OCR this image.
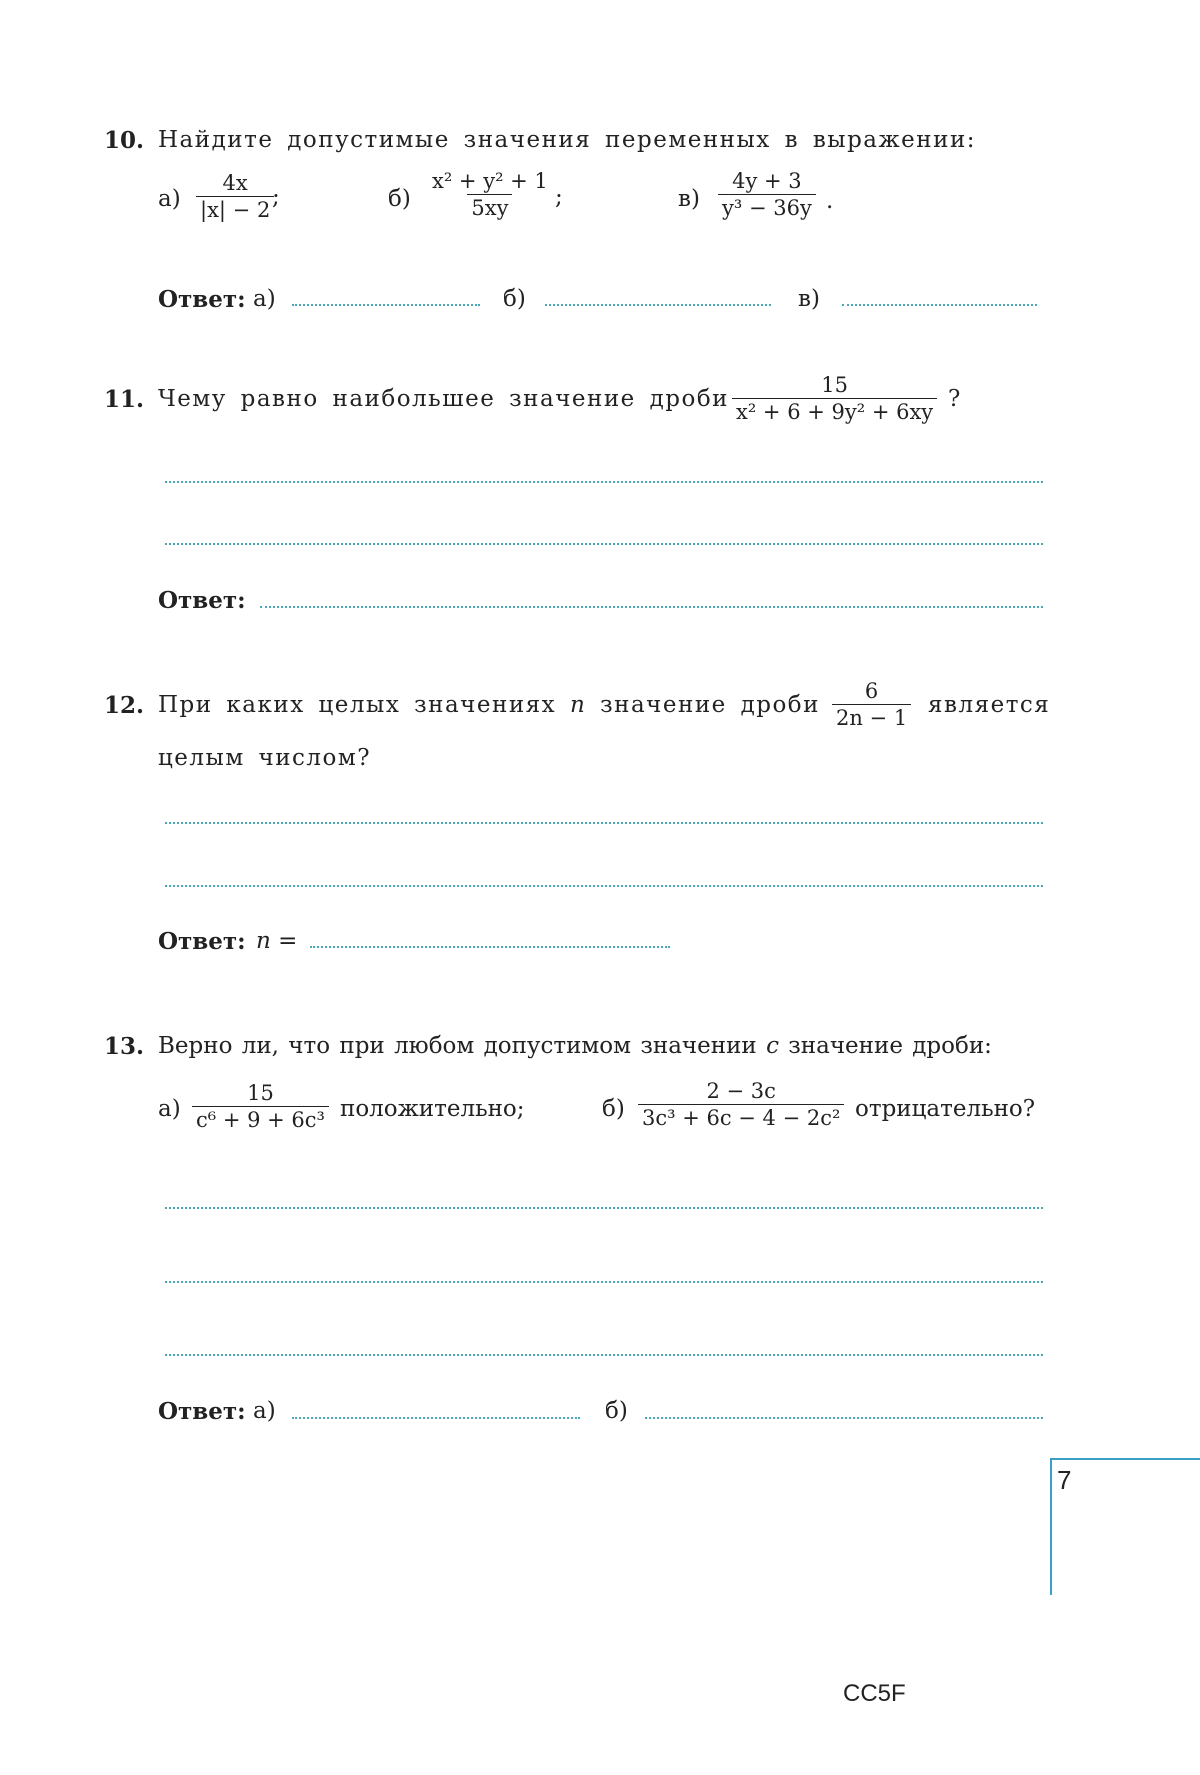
10. Найдите допустимые значения переменных в выражении:
$а) \frac{4x}{|x| - 2}$
;	$б) \frac{\text{x² + y² + 1}}{5xy}$ ;	$в) \frac{4y + 3}{\text{y³ − 36y}}$ .
Ответ: а)	б)	в)
11. Чему равно наибольшее значение дроби $\frac{15}{\text{x² + 6 + 9y² + 6xy}}$ ?
Ответ:
12. При каких целых значениях n значение дроби $\frac{6}{2n - 1}$ является
целым числом?
Ответ: n =
13. Верно ли, что при любом допустимом значении c значение дроби:
$а) \frac{15}{\text{c⁶ + 9 + 6c³}}$ положительно;	$б) \frac{2 - 3c}{\text{3c³ + 6c − 4 − 2c²}}$ отрицательно?
Ответ: а)	б)
7
CC5F
